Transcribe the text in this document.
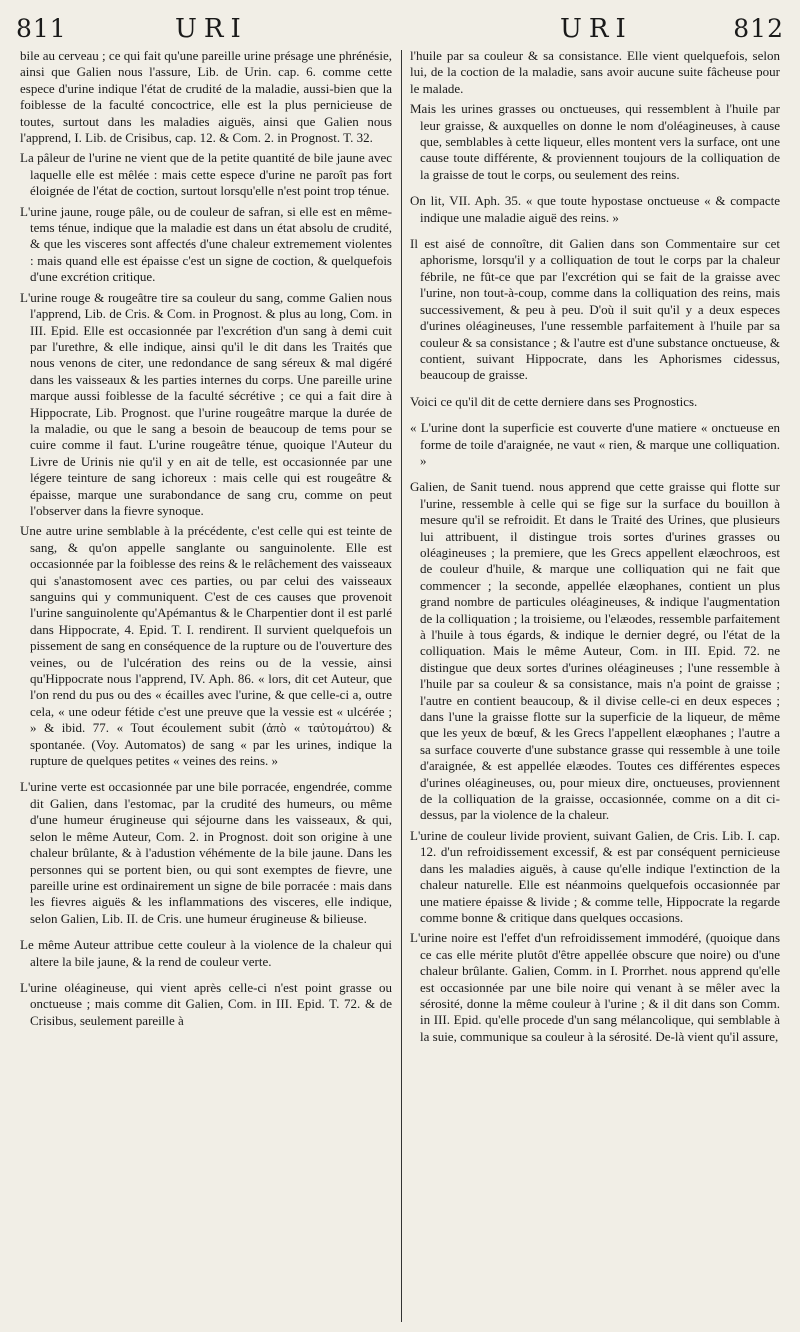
811	URI	URI	812

bile au cerveau ; ce qui fait qu'une pareille urine présage une phrénésie, ainsi que Galien nous l'assure, Lib. de Urin. cap. 6. comme cette espece d'urine indique l'état de crudité de la maladie, aussi-bien que la foiblesse de la faculté concoctrice, elle est la plus pernicieuse de toutes, surtout dans les maladies aiguës, ainsi que Galien nous l'apprend, I. Lib. de Crisibus, cap. 12. & Com. 2. in Prognost. T. 32.

La pâleur de l'urine ne vient que de la petite quantité de bile jaune avec laquelle elle est mêlée : mais cette espece d'urine ne paroît pas fort éloignée de l'état de coction, surtout lorsqu'elle n'est point trop ténue.

L'urine jaune, rouge pâle, ou de couleur de safran, si elle est en même-tems ténue, indique que la maladie est dans un état absolu de crudité, & que les visceres sont affectés d'une chaleur extremement violentes : mais quand elle est épaisse c'est un signe de coction, & quelquefois d'une excrétion critique.

L'urine rouge & rougeâtre tire sa couleur du sang, comme Galien nous l'apprend, Lib. de Cris. & Com. in Prognost. & plus au long, Com. in III. Epid. Elle est occasionnée par l'excrétion d'un sang à demi cuit par l'urethre, & elle indique, ainsi qu'il le dit dans les Traités que nous venons de citer, une redondance de sang séreux & mal digéré dans les vaisseaux & les parties internes du corps. Une pareille urine marque aussi foiblesse de la faculté sécrétive ; ce qui a fait dire à Hippocrate, Lib. Prognost. que l'urine rougeâtre marque la durée de la maladie, ou que le sang a besoin de beaucoup de tems pour se cuire comme il faut. L'urine rougeâtre ténue, quoique l'Auteur du Livre de Urinis nie qu'il y en ait de telle, est occasionnée par une légere teinture de sang ichoreux : mais celle qui est rougeâtre & épaisse, marque une surabondance de sang cru, comme on peut l'observer dans la fievre synoque.

Une autre urine semblable à la précédente, c'est celle qui est teinte de sang, & qu'on appelle sanglante ou sanguinolente. Elle est occasionnée par la foiblesse des reins & le relâchement des vaisseaux qui s'anastomosent avec ces parties, ou par celui des vaisseaux sanguins qui y communiquent. C'est de ces causes que provenoit l'urine sanguinolente qu'Apémantus & le Charpentier dont il est parlé dans Hippocrate, 4. Epid. T. I. rendirent. Il survient quelquefois un pissement de sang en conséquence de la rupture ou de l'ouverture des veines, ou de l'ulcération des reins ou de la vessie, ainsi qu'Hippocrate nous l'apprend, IV. Aph. 86. « lors, dit cet Auteur, que l'on rend du pus ou des « écailles avec l'urine, & que celle-ci a, outre cela, « une odeur fétide c'est une preuve que la vessie est « ulcérée ; » & ibid. 77. « Tout écoulement subit (ἀπὸ « ταὐτομάτου) & spontanée. (Voy. Automatos) de sang « par les urines, indique la rupture de quelques petites « veines des reins. »

L'urine verte est occasionnée par une bile porracée, engendrée, comme dit Galien, dans l'estomac, par la crudité des humeurs, ou même d'une humeur érugineuse qui séjourne dans les vaisseaux, & qui, selon le même Auteur, Com. 2. in Prognost. doit son origine à une chaleur brûlante, & à l'adustion véhémente de la bile jaune. Dans les personnes qui se portent bien, ou qui sont exemptes de fievre, une pareille urine est ordinairement un signe de bile porracée : mais dans les fievres aiguës & les inflammations des visceres, elle indique, selon Galien, Lib. II. de Cris. une humeur érugineuse & bilieuse.

Le même Auteur attribue cette couleur à la violence de la chaleur qui altere la bile jaune, & la rend de couleur verte.

L'urine oléagineuse, qui vient après celle-ci n'est point grasse ou onctueuse ; mais comme dit Galien, Com. in III. Epid. T. 72. & de Crisibus, seulement pareille à

l'huile par sa couleur & sa consistance. Elle vient quelquefois, selon lui, de la coction de la maladie, sans avoir aucune suite fâcheuse pour le malade.

Mais les urines grasses ou onctueuses, qui ressemblent à l'huile par leur graisse, & auxquelles on donne le nom d'oléagineuses, à cause que, semblables à cette liqueur, elles montent vers la surface, ont une cause toute différente, & proviennent toujours de la colliquation de la graisse de tout le corps, ou seulement des reins.

On lit, VII. Aph. 35. « que toute hypostase onctueuse « & compacte indique une maladie aiguë des reins. »

Il est aisé de connoître, dit Galien dans son Commentaire sur cet aphorisme, lorsqu'il y a colliquation de tout le corps par la chaleur fébrile, ne fût-ce que par l'excrétion qui se fait de la graisse avec l'urine, non tout-à-coup, comme dans la colliquation des reins, mais successivement, & peu à peu. D'où il suit qu'il y a deux especes d'urines oléagineuses, l'une ressemble parfaitement à l'huile par sa couleur & sa consistance ; & l'autre est d'une substance onctueuse, & contient, suivant Hippocrate, dans les Aphorismes cidessus, beaucoup de graisse.

Voici ce qu'il dit de cette derniere dans ses Prognostics.

« L'urine dont la superficie est couverte d'une matiere « onctueuse en forme de toile d'araignée, ne vaut « rien, & marque une colliquation. »

Galien, de Sanit tuend. nous apprend que cette graisse qui flotte sur l'urine, ressemble à celle qui se fige sur la surface du bouillon à mesure qu'il se refroidit. Et dans le Traité des Urines, que plusieurs lui attribuent, il distingue trois sortes d'urines grasses ou oléagineuses ; la premiere, que les Grecs appellent elæochroos, est de couleur d'huile, & marque une colliquation qui ne fait que commencer ; la seconde, appellée elæophanes, contient un plus grand nombre de particules oléagineuses, & indique l'augmentation de la colliquation ; la troisieme, ou l'elæodes, ressemble parfaitement à l'huile à tous égards, & indique le dernier degré, ou l'état de la colliquation. Mais le même Auteur, Com. in III. Epid. 72. ne distingue que deux sortes d'urines oléagineuses ; l'une ressemble à l'huile par sa couleur & sa consistance, mais n'a point de graisse ; l'autre en contient beaucoup, & il divise celle-ci en deux especes ; dans l'une la graisse flotte sur la superficie de la liqueur, de même que les yeux de bœuf, & les Grecs l'appellent elæophanes ; l'autre a sa surface couverte d'une substance grasse qui ressemble à une toile d'araignée, & est appellée elæodes. Toutes ces différentes especes d'urines oléagineuses, ou, pour mieux dire, onctueuses, proviennent de la colliquation de la graisse, occasionnée, comme on a dit ci-dessus, par la violence de la chaleur.

L'urine de couleur livide provient, suivant Galien, de Cris. Lib. I. cap. 12. d'un refroidissement excessif, & est par conséquent pernicieuse dans les maladies aiguës, à cause qu'elle indique l'extinction de la chaleur naturelle. Elle est néanmoins quelquefois occasionnée par une matiere épaisse & livide ; & comme telle, Hippocrate la regarde comme bonne & critique dans quelques occasions.

L'urine noire est l'effet d'un refroidissement immodéré, (quoique dans ce cas elle mérite plutôt d'être appellée obscure que noire) ou d'une chaleur brûlante. Galien, Comm. in I. Prorrhet. nous apprend qu'elle est occasionnée par une bile noire qui venant à se mêler avec la sérosité, donne la même couleur à l'urine ; & il dit dans son Comm. in III. Epid. qu'elle procede d'un sang mélancolique, qui semblable à la suie, communique sa couleur à la sérosité. De-là vient qu'il assure,
